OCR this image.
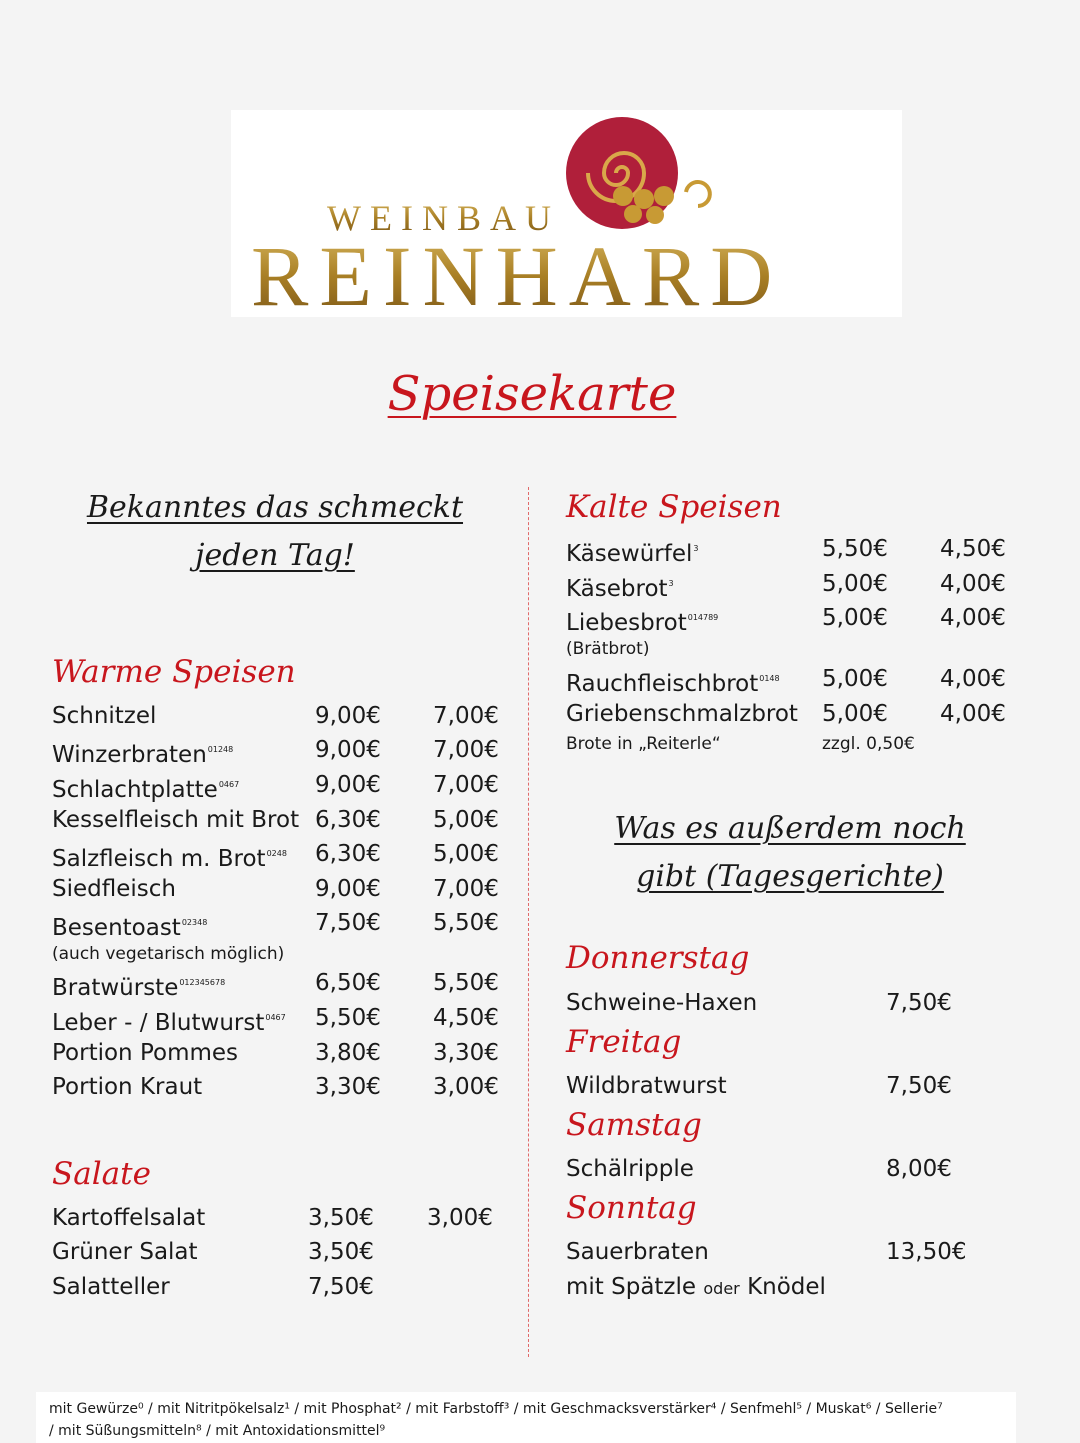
WEINBAU
REINHARD
Speisekarte
Bekanntes das schmeckt
jeden Tag!
Warme Speisen
Schnitzel	9,00€ 7,00€
Winzerbraten$^{01248}$	9,00€ 7,00€
Schlachtplatte$^{0467}$	9,00€ 7,00€
Kesselfleisch mit Brot 6,30€ 5,00€
Salzfleisch m. Brot$^{0248}$ 6,30€ 5,00€
Siedfleisch	9,00€ 7,00€
Besentoast$^{02348}$	7,50€ 5,50€
Bratwürste$^{012345678}$	6,50€ 5,50€
Leber - / Blutwurst$^{0467}$ 5,50€ 4,50€
Portion Pommes	3,80€ 3,30€
Portion Kraut	3,30€ 3,00€
(auch vegetarisch möglich)
Salate
Kartoffelsalat	3,50€ 3,00€
Grüner Salat	3,50€
Salatteller	7,50€
Kalte Speisen
Käsewürfel$^3$	5,50€ 4,50€
Käsebrot$^3$	5,00€ 4,00€
Liebesbrot$^{014789}$	5,00€ 4,00€
Rauchfleischbrot$^{0148}$ 5,00€ 4,00€
Griebenschmalzbrot 5,00€ 4,00€
(Brätbrot)
Brote in „Reiterle“	zzgl. 0,50€
Was es außerdem noch
gibt (Tagesgerichte)
Donnerstag
Schweine-Haxen	7,50€
Freitag
Wildbratwurst	7,50€
Samstag
Schälripple	8,00€
Sonntag
Sauerbraten	13,50€
mit Spätzle oder Knödel
mit Gewürze⁰ / mit Nitritpökelsalz¹ / mit Phosphat² / mit Farbstoff³ / mit Geschmacksverstärker⁴ / Senfmehl⁵ / Muskat⁶ / Sellerie⁷
/ mit Süßungsmitteln⁸ / mit Antoxidationsmittel⁹
